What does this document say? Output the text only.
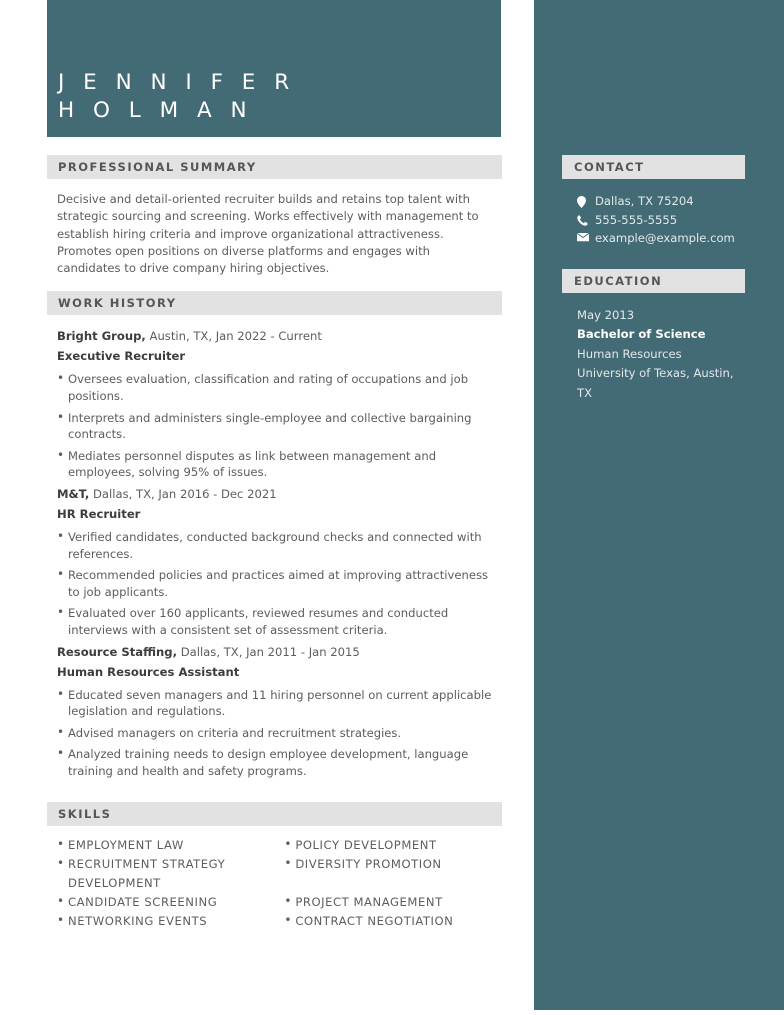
CONTACT
Dallas, TX 75204
555-555-5555
example@example.com
EDUCATION
May 2013
Bachelor of Science
Human Resources
University of Texas, Austin, TX
J E N N I F E R
H O L M A N
PROFESSIONAL SUMMARY

Decisive and detail-oriented recruiter builds and retains top talent with strategic sourcing and screening. Works effectively with management to establish hiring criteria and improve organizational attractiveness. Promotes open positions on diverse platforms and engages with candidates to drive company hiring objectives.

WORK HISTORY
Bright Group, Austin, TX, Jan 2022 - Current
Executive Recruiter
• Oversees evaluation, classification and rating of occupations and job positions.
• Interprets and administers single-employee and collective bargaining contracts.
• Mediates personnel disputes as link between management and employees, solving 95% of issues.
M&T, Dallas, TX, Jan 2016 - Dec 2021
HR Recruiter
• Verified candidates, conducted background checks and connected with references.
• Recommended policies and practices aimed at improving attractiveness to job applicants.
• Evaluated over 160 applicants, reviewed resumes and conducted interviews with a consistent set of assessment criteria.
Resource Staffing, Dallas, TX, Jan 2011 - Jan 2015
Human Resources Assistant
• Educated seven managers and 11 hiring personnel on current applicable legislation and regulations.
• Advised managers on criteria and recruitment strategies.
• Analyzed training needs to design employee development, language training and health and safety programs.
SKILLS
• EMPLOYMENT LAW
• RECRUITMENT STRATEGY DEVELOPMENT
• CANDIDATE SCREENING
• NETWORKING EVENTS
• POLICY DEVELOPMENT
• DIVERSITY PROMOTION
• PROJECT MANAGEMENT
• CONTRACT NEGOTIATION
